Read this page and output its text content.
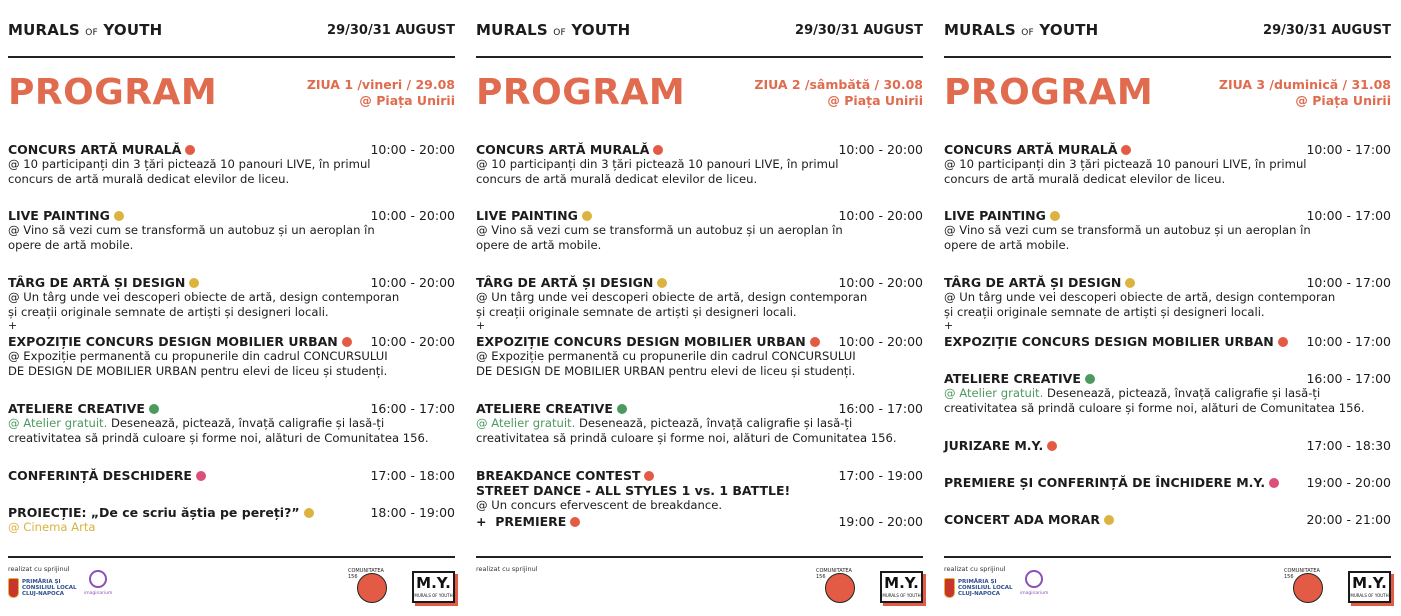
MURALS OF YOUTH	29/30/31 AUGUST
PROGRAM	ZIUA 1 /vineri / 29.08
@ Piața Unirii
CONCURS ARTĂ MURALĂ	10:00 - 20:00
@ 10 participanți din 3 țări pictează 10 panouri LIVE, în primul
concurs de artă murală dedicat elevilor de liceu.
LIVE PAINTING	10:00 - 20:00
@ Vino să vezi cum se transformă un autobuz și un aeroplan în
opere de artă mobile.
TÂRG DE ARTĂ ȘI DESIGN	10:00 - 20:00
@ Un târg unde vei descoperi obiecte de artă, design contemporan
și creații originale semnate de artiști și designeri locali.
+
EXPOZIȚIE CONCURS DESIGN MOBILIER URBAN	10:00 - 20:00
@ Expoziție permanentă cu propunerile din cadrul CONCURSULUI
DE DESIGN DE MOBILIER URBAN pentru elevi de liceu și studenți.
ATELIERE CREATIVE	16:00 - 17:00
@ Atelier gratuit. Desenează, pictează, învață caligrafie și lasă-ți
creativitatea să prindă culoare și forme noi, alături de Comunitatea 156.
CONFERINȚĂ DESCHIDERE	17:00 - 18:00
PROIECȚIE: „De ce scriu ăștia pe pereți?”	18:00 - 19:00
@ Cinema Arta
realizat cu sprijinul
PRIMĂRIA ȘI
CONSILIUL LOCAL
CLUJ-NAPOCA	imaginarium
COMUNITATEA 156	M.Y.
MURALS OF YOUTH
MURALS OF YOUTH	29/30/31 AUGUST
PROGRAM	ZIUA 2 /sâmbătă / 30.08
@ Piața Unirii
CONCURS ARTĂ MURALĂ	10:00 - 20:00
@ 10 participanți din 3 țări pictează 10 panouri LIVE, în primul
concurs de artă murală dedicat elevilor de liceu.
LIVE PAINTING	10:00 - 20:00
@ Vino să vezi cum se transformă un autobuz și un aeroplan în
opere de artă mobile.
TÂRG DE ARTĂ ȘI DESIGN	10:00 - 20:00
@ Un târg unde vei descoperi obiecte de artă, design contemporan
și creații originale semnate de artiști și designeri locali.
+
EXPOZIȚIE CONCURS DESIGN MOBILIER URBAN	10:00 - 20:00
@ Expoziție permanentă cu propunerile din cadrul CONCURSULUI
DE DESIGN DE MOBILIER URBAN pentru elevi de liceu și studenți.
ATELIERE CREATIVE	16:00 - 17:00
@ Atelier gratuit. Desenează, pictează, învață caligrafie și lasă-ți
creativitatea să prindă culoare și forme noi, alături de Comunitatea 156.
BREAKDANCE CONTEST	17:00 - 19:00
STREET DANCE - ALL STYLES 1 vs. 1 BATTLE!
@ Un concurs efervescent de breakdance.
+ PREMIERE	19:00 - 20:00
realizat cu sprijinul	COMUNITATEA 156	M.Y.
MURALS OF YOUTH
MURALS OF YOUTH	29/30/31 AUGUST
PROGRAM	ZIUA 3 /duminică / 31.08
@ Piața Unirii
CONCURS ARTĂ MURALĂ	10:00 - 17:00
@ 10 participanți din 3 țări pictează 10 panouri LIVE, în primul
concurs de artă murală dedicat elevilor de liceu.
LIVE PAINTING	10:00 - 17:00
@ Vino să vezi cum se transformă un autobuz și un aeroplan în
opere de artă mobile.
TÂRG DE ARTĂ ȘI DESIGN	10:00 - 17:00
@ Un târg unde vei descoperi obiecte de artă, design contemporan
și creații originale semnate de artiști și designeri locali.
+
EXPOZIȚIE CONCURS DESIGN MOBILIER URBAN	10:00 - 17:00
ATELIERE CREATIVE	16:00 - 17:00
@ Atelier gratuit. Desenează, pictează, învață caligrafie și lasă-ți
creativitatea să prindă culoare și forme noi, alături de Comunitatea 156.
JURIZARE M.Y.	17:00 - 18:30
PREMIERE ȘI CONFERINȚĂ DE ÎNCHIDERE M.Y.	19:00 - 20:00
CONCERT ADA MORAR	20:00 - 21:00
realizat cu sprijinul
PRIMĂRIA ȘI
CONSILIUL LOCAL
CLUJ-NAPOCA	imaginarium
COMUNITATEA 156	M.Y.
MURALS OF YOUTH
